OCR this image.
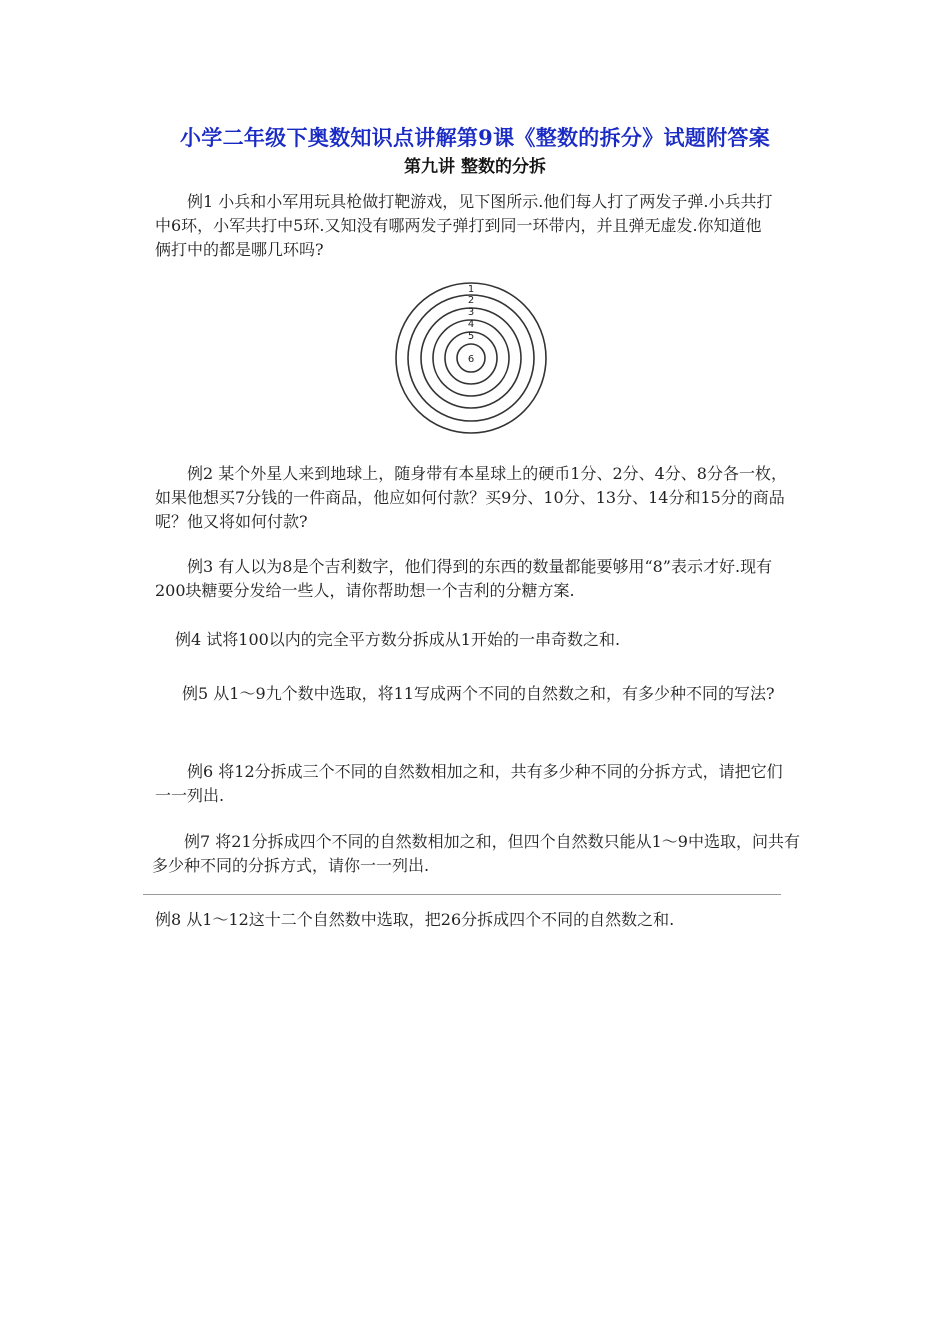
小学二年级下奥数知识点讲解第9课《整数的拆分》试题附答案
第九讲 整数的分拆

例1 小兵和小军用玩具枪做打靶游戏，见下图所示.他们每人打了两发子弹.小兵共打中6环，小军共打中5环.又知没有哪两发子弹打到同一环带内，并且弹无虚发.你知道他俩打中的都是哪几环吗?

1
2
3
4
5
6

例2 某个外星人来到地球上，随身带有本星球上的硬币1分、2分、4分、8分各一枚，如果他想买7分钱的一件商品，他应如何付款？买9分、10分、13分、14分和15分的商品呢？他又将如何付款?

例3 有人以为8是个吉利数字，他们得到的东西的数量都能要够用“8”表示才好.现有200块糖要分发给一些人，请你帮助想一个吉利的分糖方案.

例4 试将100以内的完全平方数分拆成从1开始的一串奇数之和.

例5 从1～9九个数中选取，将11写成两个不同的自然数之和，有多少种不同的写法?

例6 将12分拆成三个不同的自然数相加之和，共有多少种不同的分拆方式，请把它们一一列出.

例7 将21分拆成四个不同的自然数相加之和，但四个自然数只能从1～9中选取，问共有多少种不同的分拆方式，请你一一列出.

例8 从1～12这十二个自然数中选取，把26分拆成四个不同的自然数之和.
